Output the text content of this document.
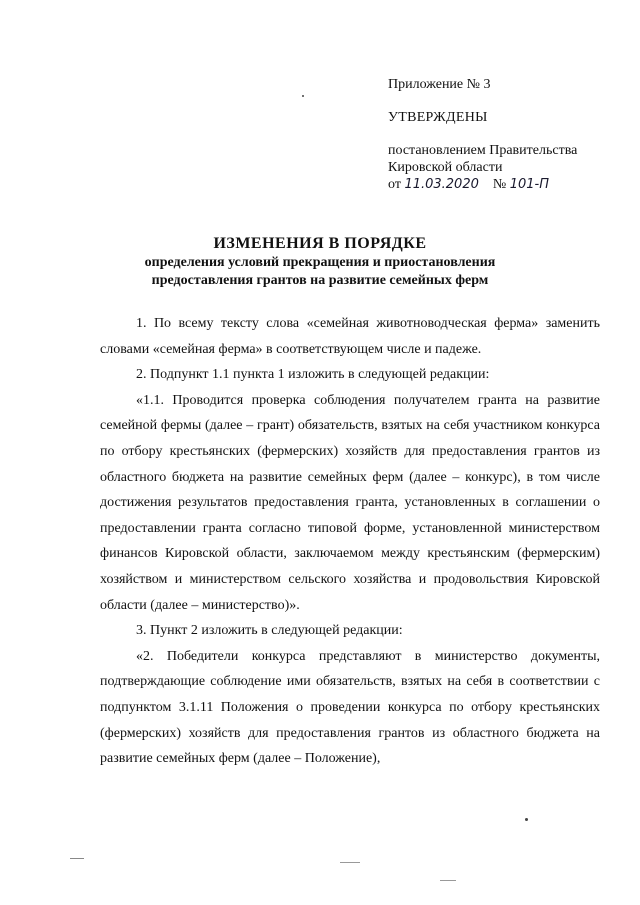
Приложение № 3
УТВЕРЖДЕНЫ
постановлением Правительства
Кировской области
от 11.03.2020 № 101-П
ИЗМЕНЕНИЯ В ПОРЯДКЕ
определения условий прекращения и приостановления
предоставления грантов на развитие семейных ферм

1. По всему тексту слова «семейная животноводческая ферма» заменить словами «семейная ферма» в соответствующем числе и падеже.

2. Подпункт 1.1 пункта 1 изложить в следующей редакции:

«1.1. Проводится проверка соблюдения получателем гранта на развитие семейной фермы (далее – грант) обязательств, взятых на себя участником конкурса по отбору крестьянских (фермерских) хозяйств для предоставления грантов из областного бюджета на развитие семейных ферм (далее – конкурс), в том числе достижения результатов предоставления гранта, установленных в соглашении о предоставлении гранта согласно типовой форме, установленной министерством финансов Кировской области, заключаемом между крестьянским (фермерским) хозяйством и министерством сельского хозяйства и продовольствия Кировской области (далее – министерство)».

3. Пункт 2 изложить в следующей редакции:

«2. Победители конкурса представляют в министерство документы, подтверждающие соблюдение ими обязательств, взятых на себя в соответствии с подпунктом 3.1.11 Положения о проведении конкурса по отбору крестьянских (фермерских) хозяйств для предоставления грантов из областного бюджета на развитие семейных ферм (далее – Положение),
